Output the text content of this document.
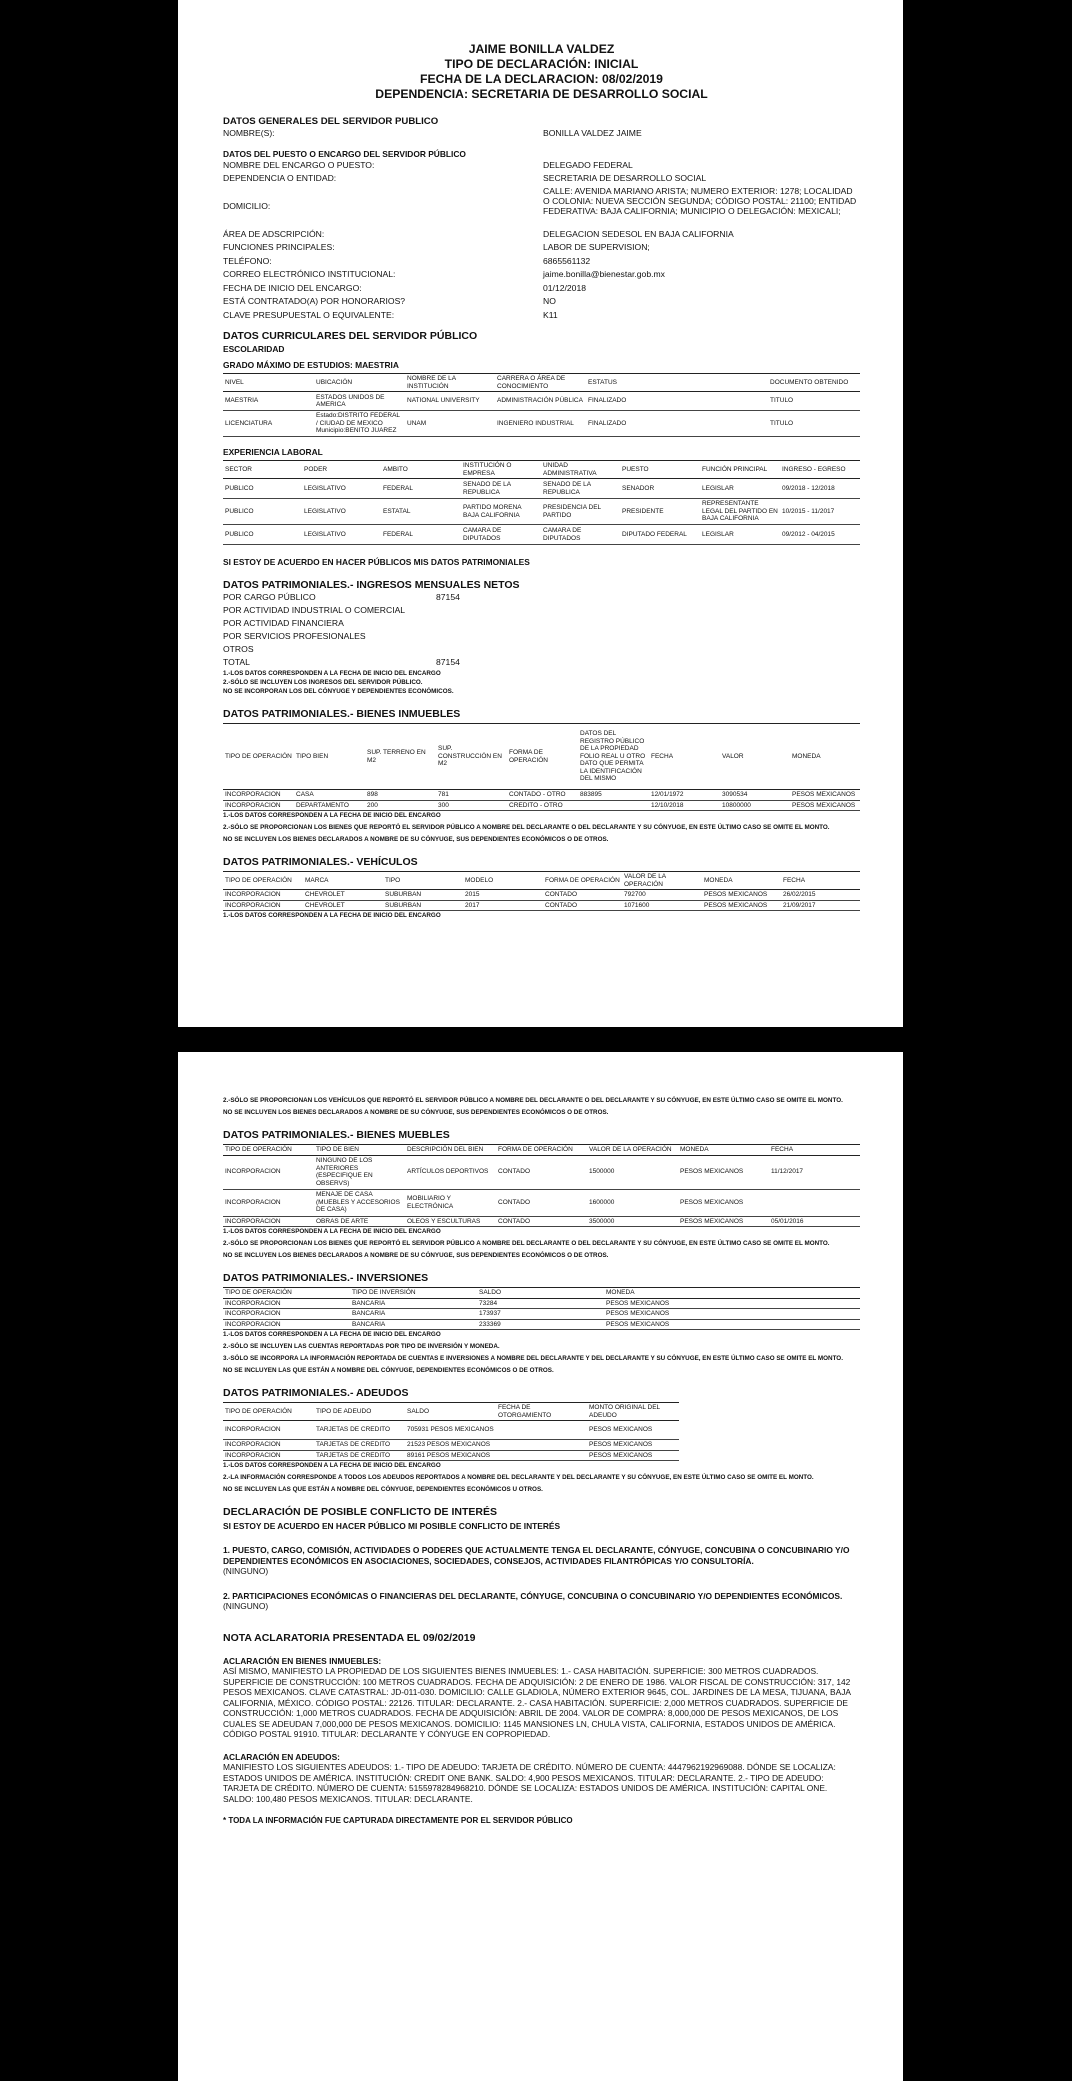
JAIME BONILLA VALDEZ
TIPO DE DECLARACIÓN: INICIAL
FECHA DE LA DECLARACION: 08/02/2019
DEPENDENCIA: SECRETARIA DE DESARROLLO SOCIAL
DATOS GENERALES DEL SERVIDOR PUBLICO
NOMBRE(S):	BONILLA VALDEZ JAIME
DATOS DEL PUESTO O ENCARGO DEL SERVIDOR PÚBLICO
NOMBRE DEL ENCARGO O PUESTO:	DELEGADO FEDERAL
DEPENDENCIA O ENTIDAD:	SECRETARIA DE DESARROLLO SOCIAL
DOMICILIO:
CALLE: AVENIDA MARIANO ARISTA; NUMERO EXTERIOR: 1278; LOCALIDAD O COLONIA: NUEVA SECCIÓN SEGUNDA; CÓDIGO POSTAL: 21100; ENTIDAD FEDERATIVA: BAJA CALIFORNIA; MUNICIPIO O DELEGACIÓN: MEXICALI;
ÁREA DE ADSCRIPCIÓN:	DELEGACION SEDESOL EN BAJA CALIFORNIA
FUNCIONES PRINCIPALES:	LABOR DE SUPERVISION;
TELÉFONO:	6865561132
CORREO ELECTRÓNICO INSTITUCIONAL:	jaime.bonilla@bienestar.gob.mx
FECHA DE INICIO DEL ENCARGO:	01/12/2018
ESTÁ CONTRATADO(A) POR HONORARIOS?	NO
CLAVE PRESUPUESTAL O EQUIVALENTE:	K11
DATOS CURRICULARES DEL SERVIDOR PÚBLICO
ESCOLARIDAD
GRADO MÁXIMO DE ESTUDIOS: MAESTRIA
NIVEL	UBICACIÓN	NOMBRE DE LA INSTITUCIÓN	CARRERA O ÁREA DE CONOCIMIENTO	ESTATUS	DOCUMENTO OBTENIDO
MAESTRIA	ESTADOS UNIDOS DE AMERICA	NATIONAL UNIVERSITY	ADMINISTRACIÓN PÚBLICA	FINALIZADO	TITULO
LICENCIATURA	Estado:DISTRITO FEDERAL / CIUDAD DE MEXICO Municipio:BENITO JUAREZ	UNAM	INGENIERO INDUSTRIAL	FINALIZADO	TITULO
EXPERIENCIA LABORAL
SECTOR	PODER	AMBITO	INSTITUCIÓN O EMPRESA	UNIDAD ADMINISTRATIVA	PUESTO	FUNCIÓN PRINCIPAL	INGRESO - EGRESO
PUBLICO	LEGISLATIVO	FEDERAL	SENADO DE LA REPUBLICA	SENADO DE LA REPUBLICA	SENADOR	LEGISLAR	09/2018 - 12/2018
PUBLICO	LEGISLATIVO	ESTATAL	PARTIDO MORENA BAJA CALIFORNIA	PRESIDENCIA DEL PARTIDO	PRESIDENTE	REPRESENTANTE LEGAL DEL PARTIDO EN BAJA CALIFORNIA	10/2015 - 11/2017
PUBLICO	LEGISLATIVO	FEDERAL	CAMARA DE DIPUTADOS	CAMARA DE DIPUTADOS	DIPUTADO FEDERAL	LEGISLAR	09/2012 - 04/2015
SI ESTOY DE ACUERDO EN HACER PÚBLICOS MIS DATOS PATRIMONIALES
DATOS PATRIMONIALES.- INGRESOS MENSUALES NETOS
POR CARGO PÚBLICO	87154
POR ACTIVIDAD INDUSTRIAL O COMERCIAL
POR ACTIVIDAD FINANCIERA
POR SERVICIOS PROFESIONALES
OTROS
TOTAL	87154
1.-LOS DATOS CORRESPONDEN A LA FECHA DE INICIO DEL ENCARGO
2.-SÓLO SE INCLUYEN LOS INGRESOS DEL SERVIDOR PÚBLICO.
NO SE INCORPORAN LOS DEL CÓNYUGE Y DEPENDIENTES ECONÓMICOS.
DATOS PATRIMONIALES.- BIENES INMUEBLES
TIPO DE OPERACIÓN	TIPO BIEN	SUP. TERRENO EN M2	SUP. CONSTRUCCIÓN EN M2	FORMA DE OPERACIÓN	DATOS DEL REGISTRO PÚBLICO DE LA PROPIEDAD FOLIO REAL U OTRO DATO QUE PERMITA LA IDENTIFICACIÓN DEL MISMO	FECHA	VALOR	MONEDA
INCORPORACION	CASA	898	781	CONTADO - OTRO	883895	12/01/1972	3090534	PESOS MEXICANOS
INCORPORACION	DEPARTAMENTO	200	300	CREDITO - OTRO		12/10/2018	10800000	PESOS MEXICANOS
1.-LOS DATOS CORRESPONDEN A LA FECHA DE INICIO DEL ENCARGO
2.-SÓLO SE PROPORCIONAN LOS BIENES QUE REPORTÓ EL SERVIDOR PÚBLICO A NOMBRE DEL DECLARANTE O DEL DECLARANTE Y SU CÓNYUGE, EN ESTE ÚLTIMO CASO SE OMITE EL MONTO.
NO SE INCLUYEN LOS BIENES DECLARADOS A NOMBRE DE SU CÓNYUGE, SUS DEPENDIENTES ECONÓMICOS O DE OTROS.
DATOS PATRIMONIALES.- VEHÍCULOS
TIPO DE OPERACIÓN	MARCA	TIPO	MODELO	FORMA DE OPERACIÓN	VALOR DE LA OPERACIÓN	MONEDA	FECHA
INCORPORACION	CHEVROLET	SUBURBAN	2015	CONTADO	792700	PESOS MEXICANOS	26/02/2015
INCORPORACION	CHEVROLET	SUBURBAN	2017	CONTADO	1071600	PESOS MEXICANOS	21/09/2017
1.-LOS DATOS CORRESPONDEN A LA FECHA DE INICIO DEL ENCARGO
2.-SÓLO SE PROPORCIONAN LOS VEHÍCULOS QUE REPORTÓ EL SERVIDOR PÚBLICO A NOMBRE DEL DECLARANTE O DEL DECLARANTE Y SU CÓNYUGE, EN ESTE ÚLTIMO CASO SE OMITE EL MONTO.
NO SE INCLUYEN LOS BIENES DECLARADOS A NOMBRE DE SU CÓNYUGE, SUS DEPENDIENTES ECONÓMICOS O DE OTROS.
DATOS PATRIMONIALES.- BIENES MUEBLES
TIPO DE OPERACIÓN	TIPO DE BIEN	DESCRIPCIÓN DEL BIEN	FORMA DE OPERACIÓN	VALOR DE LA OPERACIÓN	MONEDA	FECHA
INCORPORACION	NINGUNO DE LOS ANTERIORES (ESPECIFIQUE EN OBSERVS)	ARTÍCULOS DEPORTIVOS	CONTADO	1500000	PESOS MEXICANOS	11/12/2017
INCORPORACION	MENAJE DE CASA (MUEBLES Y ACCESORIOS DE CASA)	MOBILIARIO Y ELECTRÓNICA	CONTADO	1600000	PESOS MEXICANOS	
INCORPORACION	OBRAS DE ARTE	OLEOS Y ESCULTURAS	CONTADO	3500000	PESOS MEXICANOS	05/01/2016
1.-LOS DATOS CORRESPONDEN A LA FECHA DE INICIO DEL ENCARGO
2.-SÓLO SE PROPORCIONAN LOS BIENES QUE REPORTÓ EL SERVIDOR PÚBLICO A NOMBRE DEL DECLARANTE O DEL DECLARANTE Y SU CÓNYUGE, EN ESTE ÚLTIMO CASO SE OMITE EL MONTO.
NO SE INCLUYEN LOS BIENES DECLARADOS A NOMBRE DE SU CÓNYUGE, SUS DEPENDIENTES ECONÓMICOS O DE OTROS.
DATOS PATRIMONIALES.- INVERSIONES
TIPO DE OPERACIÓN	TIPO DE INVERSIÓN	SALDO	MONEDA
INCORPORACION	BANCARIA	73284	PESOS MEXICANOS
INCORPORACION	BANCARIA	173937	PESOS MEXICANOS
INCORPORACION	BANCARIA	233369	PESOS MEXICANOS
1.-LOS DATOS CORRESPONDEN A LA FECHA DE INICIO DEL ENCARGO
2.-SÓLO SE INCLUYEN LAS CUENTAS REPORTADAS POR TIPO DE INVERSIÓN Y MONEDA.
3.-SÓLO SE INCORPORA LA INFORMACIÓN REPORTADA DE CUENTAS E INVERSIONES A NOMBRE DEL DECLARANTE Y DEL DECLARANTE Y SU CÓNYUGE, EN ESTE ÚLTIMO CASO SE OMITE EL MONTO.
NO SE INCLUYEN LAS QUE ESTÁN A NOMBRE DEL CÓNYUGE, DEPENDIENTES ECONÓMICOS O DE OTROS.
DATOS PATRIMONIALES.- ADEUDOS
TIPO DE OPERACIÓN	TIPO DE ADEUDO	SALDO	FECHA DE OTORGAMIENTO	MONTO ORIGINAL DEL ADEUDO
INCORPORACION	TARJETAS DE CREDITO	705931 PESOS MEXICANOS		PESOS MEXICANOS
INCORPORACION	TARJETAS DE CREDITO	21523 PESOS MEXICANOS		PESOS MEXICANOS
INCORPORACION	TARJETAS DE CREDITO	89161 PESOS MEXICANOS		PESOS MEXICANOS
1.-LOS DATOS CORRESPONDEN A LA FECHA DE INICIO DEL ENCARGO
2.-LA INFORMACIÓN CORRESPONDE A TODOS LOS ADEUDOS REPORTADOS A NOMBRE DEL DECLARANTE Y DEL DECLARANTE Y SU CÓNYUGE, EN ESTE ÚLTIMO CASO SE OMITE EL MONTO.
NO SE INCLUYEN LAS QUE ESTÁN A NOMBRE DEL CÓNYUGE, DEPENDIENTES ECONÓMICOS U OTROS.
DECLARACIÓN DE POSIBLE CONFLICTO DE INTERÉS
SI ESTOY DE ACUERDO EN HACER PÚBLICO MI POSIBLE CONFLICTO DE INTERÉS
1. PUESTO, CARGO, COMISIÓN, ACTIVIDADES O PODERES QUE ACTUALMENTE TENGA EL DECLARANTE, CÓNYUGE, CONCUBINA O CONCUBINARIO Y/O DEPENDIENTES ECONÓMICOS EN ASOCIACIONES, SOCIEDADES, CONSEJOS, ACTIVIDADES FILANTRÓPICAS Y/O CONSULTORÍA.
(NINGUNO)
2. PARTICIPACIONES ECONÓMICAS O FINANCIERAS DEL DECLARANTE, CÓNYUGE, CONCUBINA O CONCUBINARIO Y/O DEPENDIENTES ECONÓMICOS.
(NINGUNO)
NOTA ACLARATORIA PRESENTADA EL 09/02/2019
ACLARACIÓN EN BIENES INMUEBLES:
ASÍ MISMO, MANIFIESTO LA PROPIEDAD DE LOS SIGUIENTES BIENES INMUEBLES: 1.- CASA HABITACIÓN. SUPERFICIE: 300 METROS CUADRADOS. SUPERFICIE DE CONSTRUCCIÓN: 100 METROS CUADRADOS. FECHA DE ADQUISICIÓN: 2 DE ENERO DE 1986. VALOR FISCAL DE CONSTRUCCIÓN: 317, 142 PESOS MEXICANOS. CLAVE CATASTRAL: JD-011-030. DOMICILIO: CALLE GLADIOLA, NÚMERO EXTERIOR 9645, COL. JARDINES DE LA MESA, TIJUANA, BAJA CALIFORNIA, MÉXICO. CÓDIGO POSTAL: 22126. TITULAR: DECLARANTE. 2.- CASA HABITACIÓN. SUPERFICIE: 2,000 METROS CUADRADOS. SUPERFICIE DE CONSTRUCCIÓN: 1,000 METROS CUADRADOS. FECHA DE ADQUISICIÓN: ABRIL DE 2004. VALOR DE COMPRA: 8,000,000 DE PESOS MEXICANOS, DE LOS CUALES SE ADEUDAN 7,000,000 DE PESOS MEXICANOS. DOMICILIO: 1145 MANSIONES LN, CHULA VISTA, CALIFORNIA, ESTADOS UNIDOS DE AMÉRICA. CÓDIGO POSTAL 91910. TITULAR: DECLARANTE Y CÓNYUGE EN COPROPIEDAD.
ACLARACIÓN EN ADEUDOS:
MANIFIESTO LOS SIGUIENTES ADEUDOS: 1.- TIPO DE ADEUDO: TARJETA DE CRÉDITO. NÚMERO DE CUENTA: 4447962192969088. DÓNDE SE LOCALIZA: ESTADOS UNIDOS DE AMÉRICA. INSTITUCIÓN: CREDIT ONE BANK. SALDO: 4,900 PESOS MEXICANOS. TITULAR: DECLARANTE. 2.- TIPO DE ADEUDO: TARJETA DE CRÉDITO. NÚMERO DE CUENTA: 5155978284968210. DÓNDE SE LOCALIZA: ESTADOS UNIDOS DE AMÉRICA. INSTITUCIÓN: CAPITAL ONE. SALDO: 100,480 PESOS MEXICANOS. TITULAR: DECLARANTE.
* TODA LA INFORMACIÓN FUE CAPTURADA DIRECTAMENTE POR EL SERVIDOR PÚBLICO
